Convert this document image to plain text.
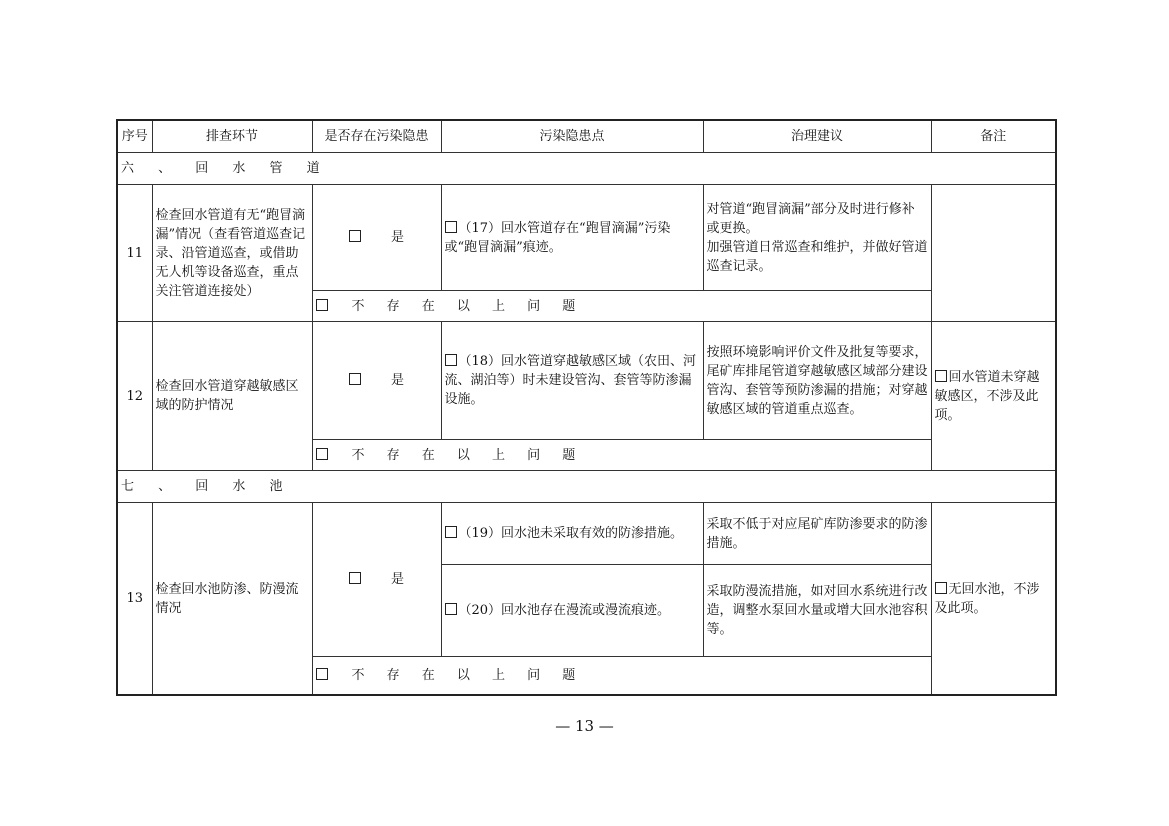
序号	排查环节	是否存在污染隐患	污染隐患点	治理建议	备注
六 、 回 水 管 道					
11	检查回水管道有无“跑冒滴漏”情况（查看管道巡查记录、沿管道巡查，或借助无人机等设备巡查，重点关注管道连接处）	是	（17）回水管道存在“跑冒滴漏”污染或“跑冒滴漏”痕迹。	对管道“跑冒滴漏”部分及时进行修补或更换。
加强管道日常巡查和维护，并做好管道巡查记录。	
		不 存 在 以 上 问 题			
12	检查回水管道穿越敏感区域的防护情况	是	（18）回水管道穿越敏感区域（农田、河流、湖泊等）时未建设管沟、套管等防渗漏设施。	按照环境影响评价文件及批复等要求，尾矿库排尾管道穿越敏感区域部分建设管沟、套管等预防渗漏的措施；对穿越敏感区域的管道重点巡查。	回水管道未穿越敏感区，不涉及此项。
		不 存 在 以 上 问 题			
七 、 回 水 池					
13	检查回水池防渗、防漫流情况	是	（19）回水池未采取有效的防渗措施。	采取不低于对应尾矿库防渗要求的防渗措施。	无回水池，不涉及此项。
			（20）回水池存在漫流或漫流痕迹。	采取防漫流措施，如对回水系统进行改造，调整水泵回水量或增大回水池容积等。	
		不 存 在 以 上 问 题			
— 13 —
